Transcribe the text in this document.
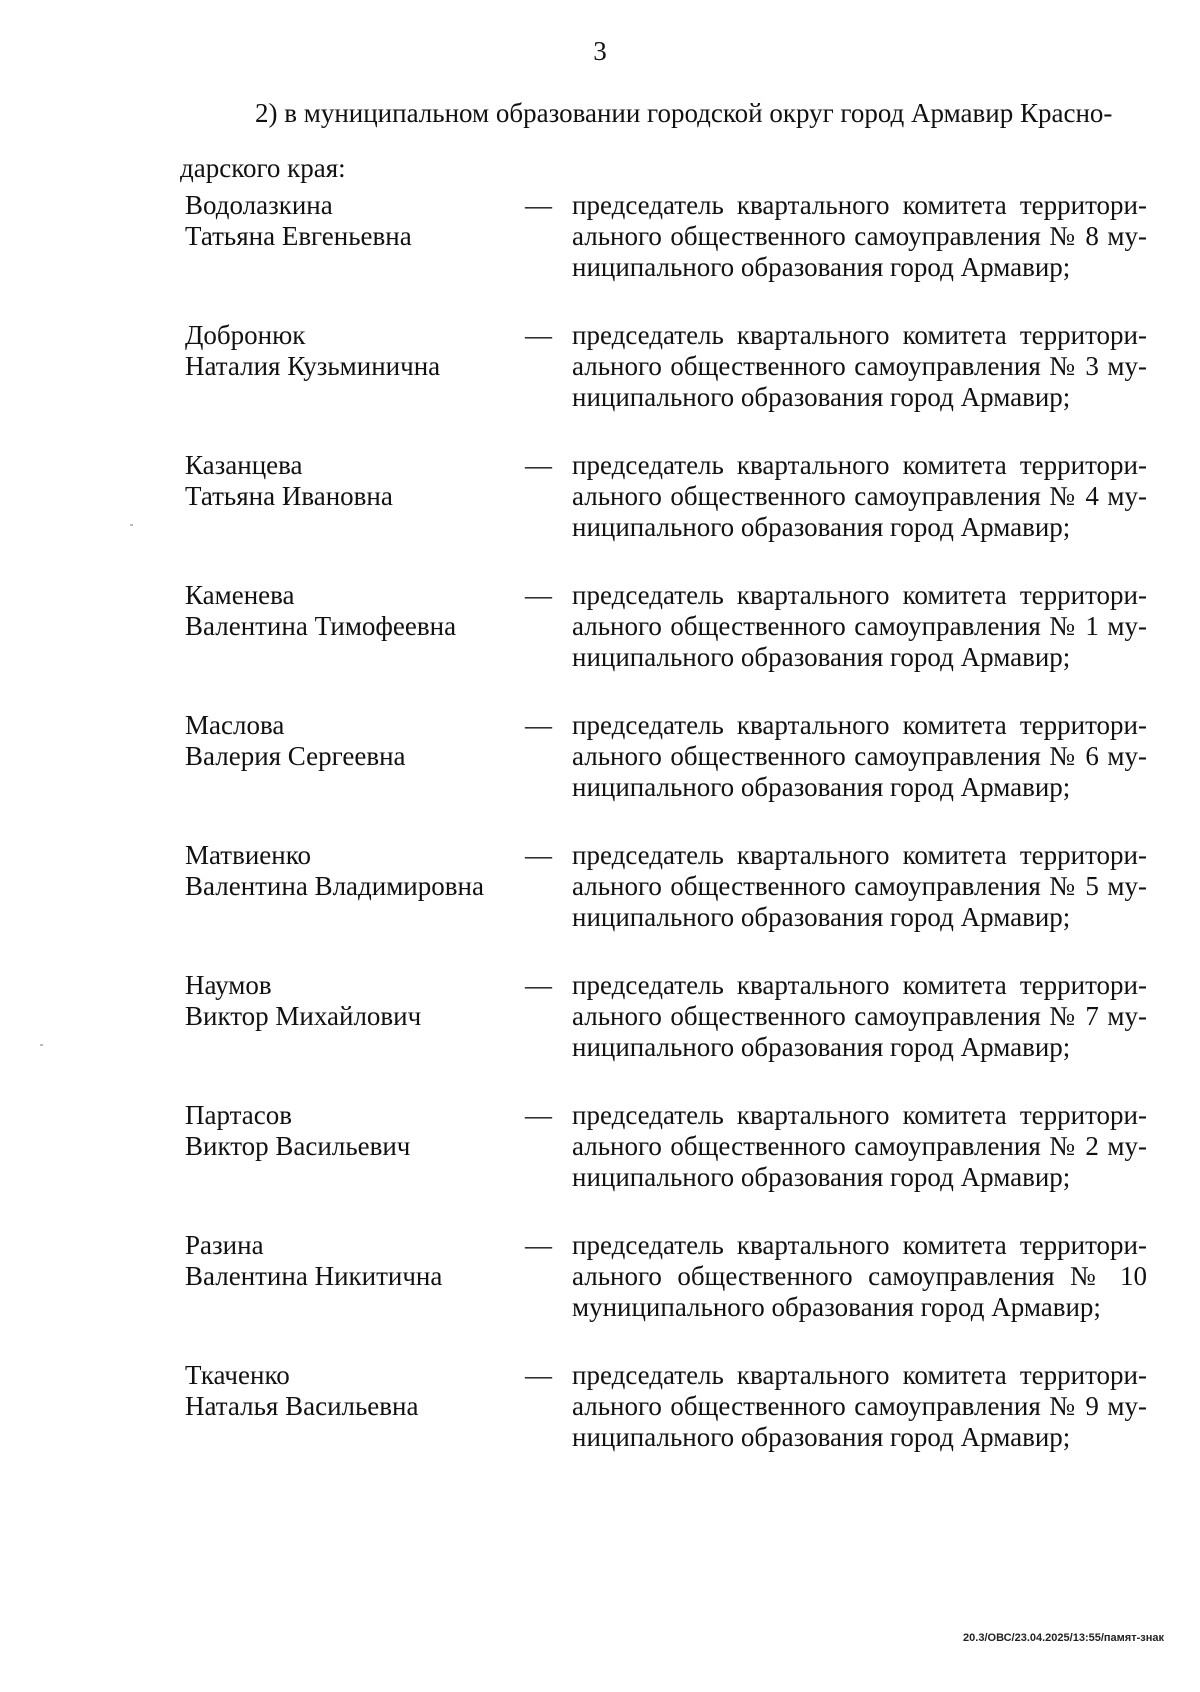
3
2) в муниципальном образовании городской округ город Армавир Красно-
дарского края:
Водолазкина
Татьяна Евгеньевна
— председатель квартального комитета территори-
ального общественного самоуправления № 8 му-
ниципального образования город Армавир;
Добронюк
Наталия Кузьминична
— председатель квартального комитета территори-
ального общественного самоуправления № 3 му-
ниципального образования город Армавир;
Казанцева
Татьяна Ивановна
— председатель квартального комитета территори-
ального общественного самоуправления № 4 му-
ниципального образования город Армавир;
Каменева
Валентина Тимофеевна
— председатель квартального комитета территори-
ального общественного самоуправления № 1 му-
ниципального образования город Армавир;
Маслова
Валерия Сергеевна
— председатель квартального комитета территори-
ального общественного самоуправления № 6 му-
ниципального образования город Армавир;
Матвиенко
Валентина Владимировна
— председатель квартального комитета территори-
ального общественного самоуправления № 5 му-
ниципального образования город Армавир;
Наумов
Виктор Михайлович
— председатель квартального комитета территори-
ального общественного самоуправления № 7 му-
ниципального образования город Армавир;
Партасов
Виктор Васильевич
— председатель квартального комитета территори-
ального общественного самоуправления № 2 му-
ниципального образования город Армавир;
Разина
Валентина Никитична
— председатель квартального комитета территори-
ального общественного самоуправления № 10
муниципального образования город Армавир;
Ткаченко
Наталья Васильевна
— председатель квартального комитета территори-
ального общественного самоуправления № 9 му-
ниципального образования город Армавир;
20.3/ОВС/23.04.2025/13:55/памят-знак
